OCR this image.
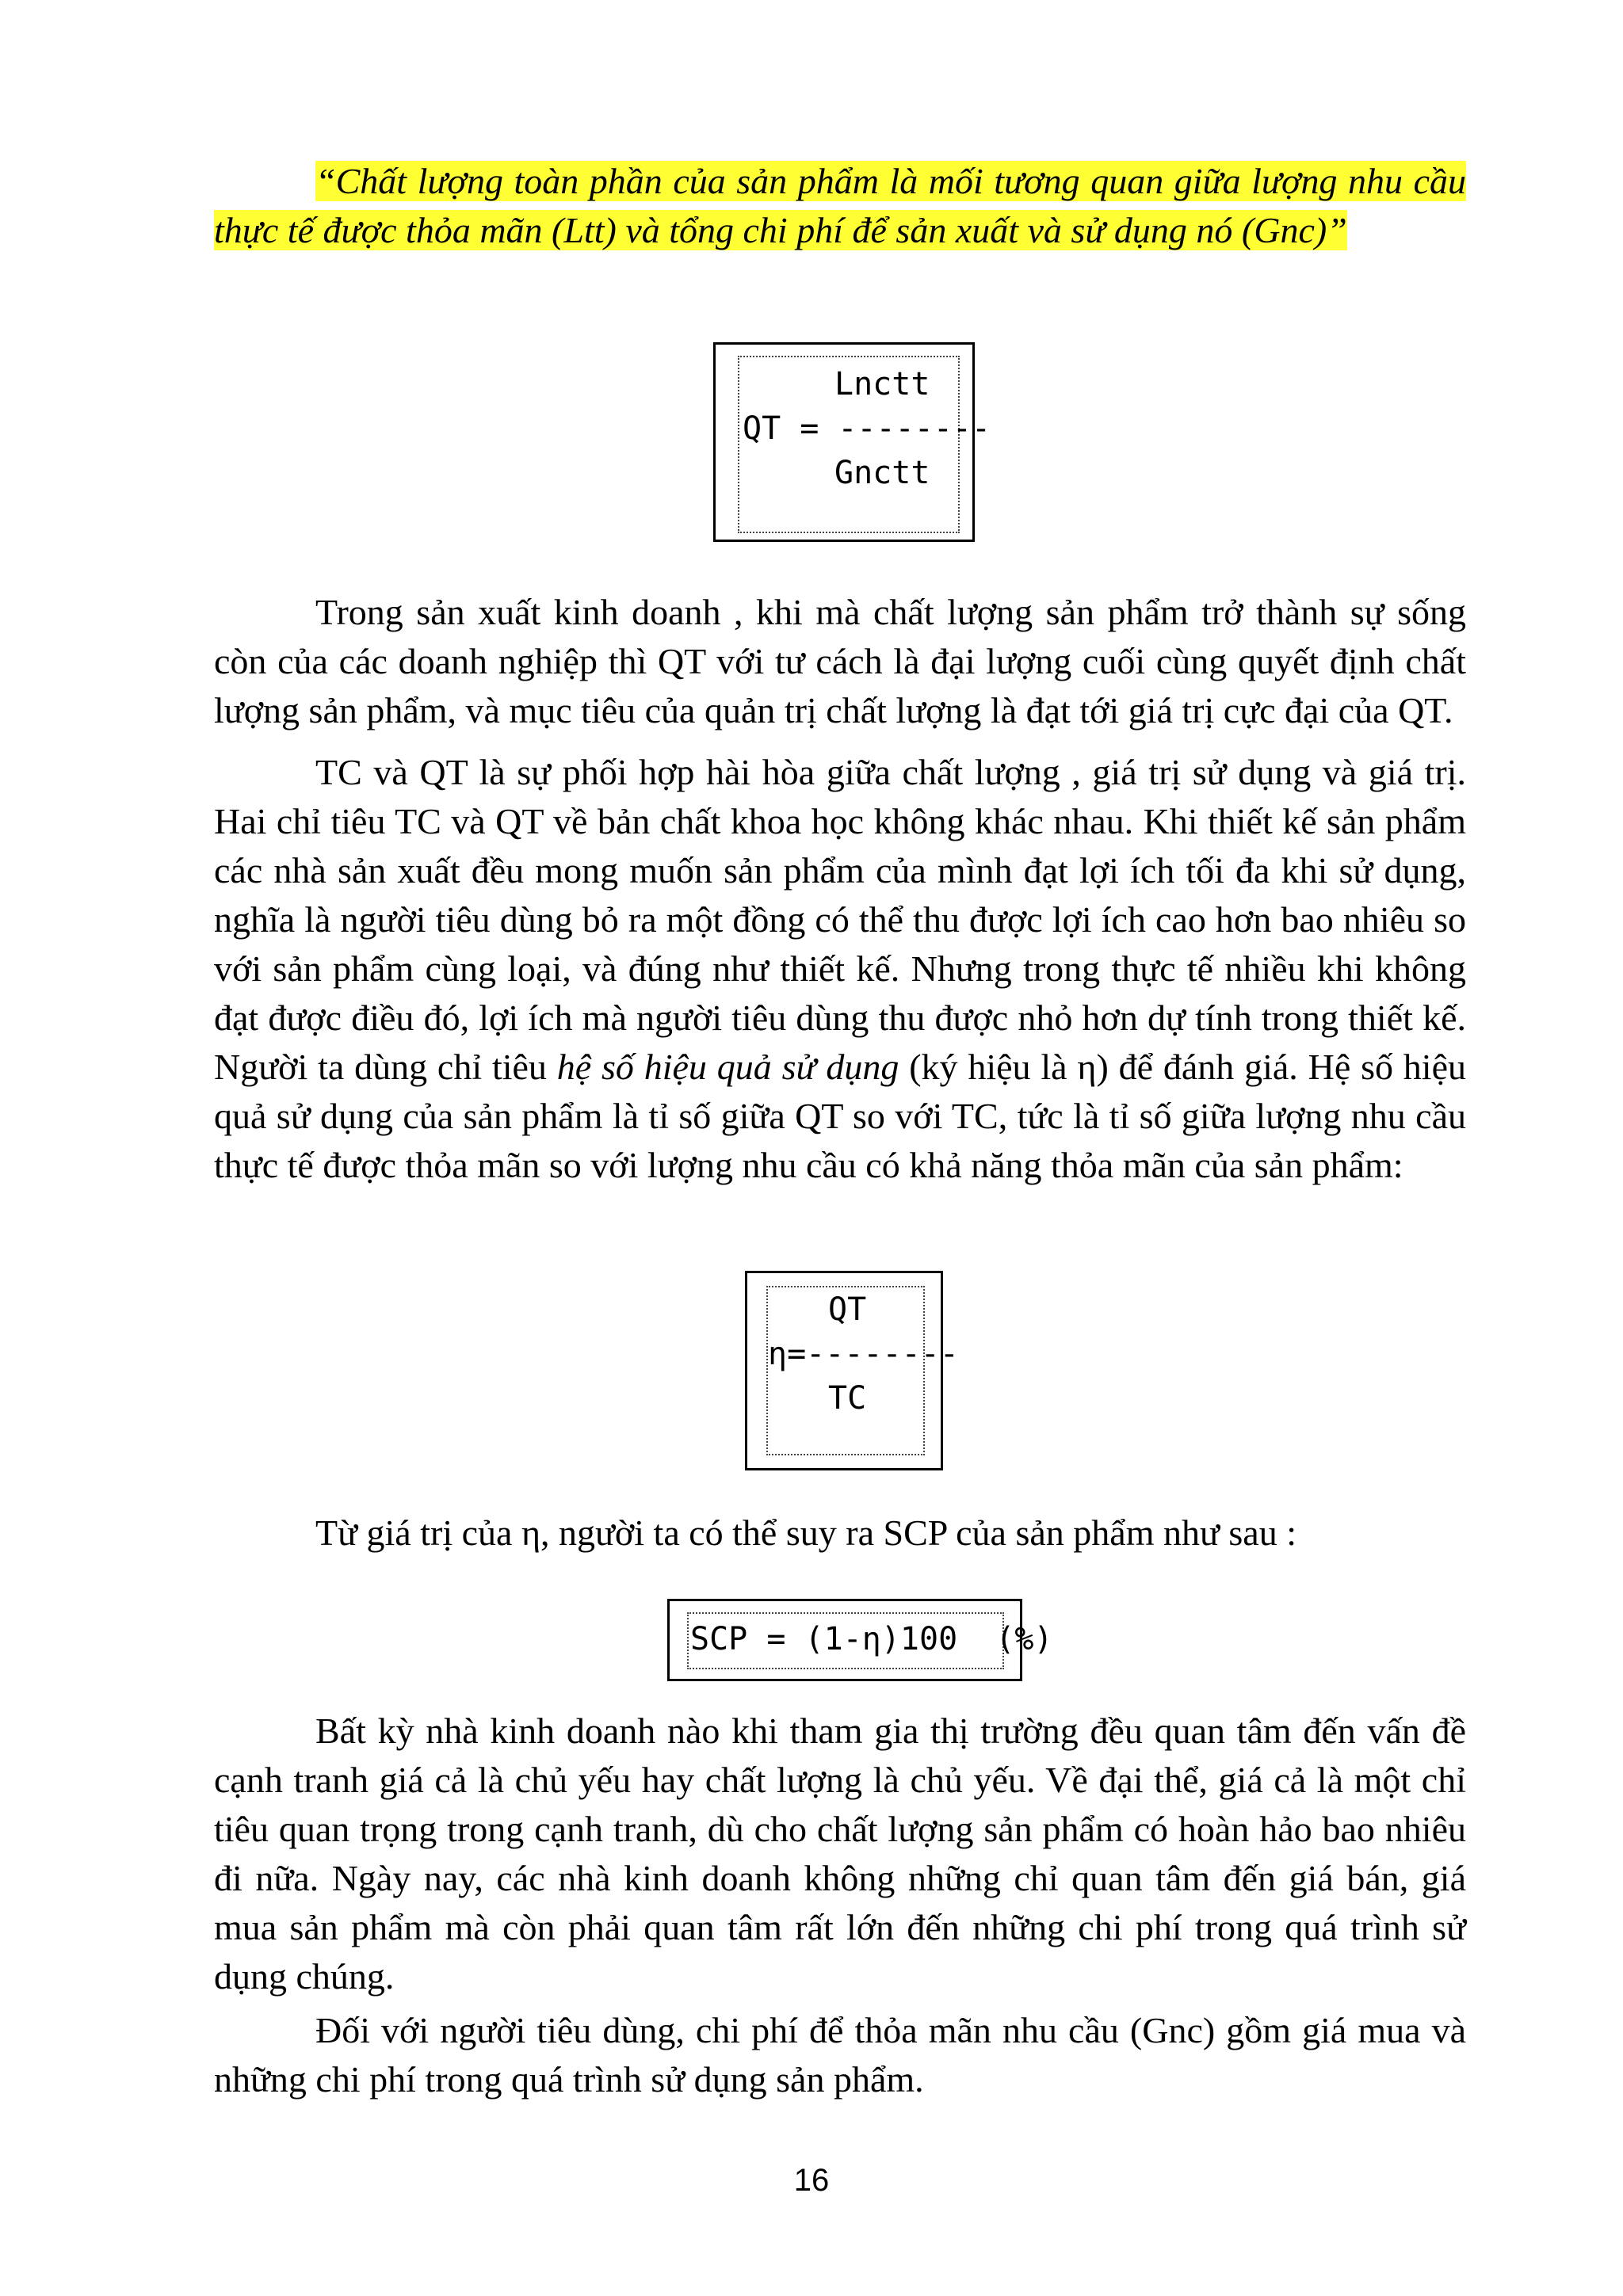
“Chất lượng toàn phần của sản phẩm là mối tương quan giữa lượng nhu cầu thực tế được thỏa mãn (Ltt) và tổng chi phí để sản xuất và sử dụng nó (Gnc)”

Lnctt
QT = --------
Gnctt

Trong sản xuất kinh doanh , khi mà chất lượng sản phẩm trở thành sự sống còn của các doanh nghiệp thì QT với tư cách là đại lượng cuối cùng quyết định chất lượng sản phẩm, và mục tiêu của quản trị chất lượng là đạt tới giá trị cực đại của QT.

TC và QT là sự phối hợp hài hòa giữa chất lượng , giá trị sử dụng và giá trị. Hai chỉ tiêu TC và QT về bản chất khoa học không khác nhau. Khi thiết kế sản phẩm các nhà sản xuất đều mong muốn sản phẩm của mình đạt lợi ích tối đa khi sử dụng, nghĩa là người tiêu dùng bỏ ra một đồng có thể thu được lợi ích cao hơn bao nhiêu so với sản phẩm cùng loại, và đúng như thiết kế. Nhưng trong thực tế nhiều khi không đạt được điều đó, lợi ích mà người tiêu dùng thu được nhỏ hơn dự tính trong thiết kế. Người ta dùng chỉ tiêu hệ số hiệu quả sử dụng (ký hiệu là η) để đánh giá. Hệ số hiệu quả sử dụng của sản phẩm là tỉ số giữa QT so với TC, tức là tỉ số giữa lượng nhu cầu thực tế được thỏa mãn so với lượng nhu cầu có khả năng thỏa mãn của sản phẩm:

QT
η=--------
TC

Từ giá trị của η, người ta có thể suy ra SCP của sản phẩm như sau :

SCP = (1-η)100  (%)

Bất kỳ nhà kinh doanh nào khi tham gia thị trường đều quan tâm đến vấn đề cạnh tranh giá cả là chủ yếu hay chất lượng là chủ yếu. Về đại thể, giá cả là một chỉ tiêu quan trọng trong cạnh tranh, dù cho chất lượng sản phẩm có hoàn hảo bao nhiêu đi nữa. Ngày nay, các nhà kinh doanh không những chỉ quan tâm đến giá bán, giá mua sản phẩm mà còn phải quan tâm rất lớn đến những chi phí trong quá trình sử dụng chúng.

Đối với người tiêu dùng, chi phí để thỏa mãn nhu cầu (Gnc) gồm giá mua và những chi phí trong quá trình sử dụng sản phẩm.

16
